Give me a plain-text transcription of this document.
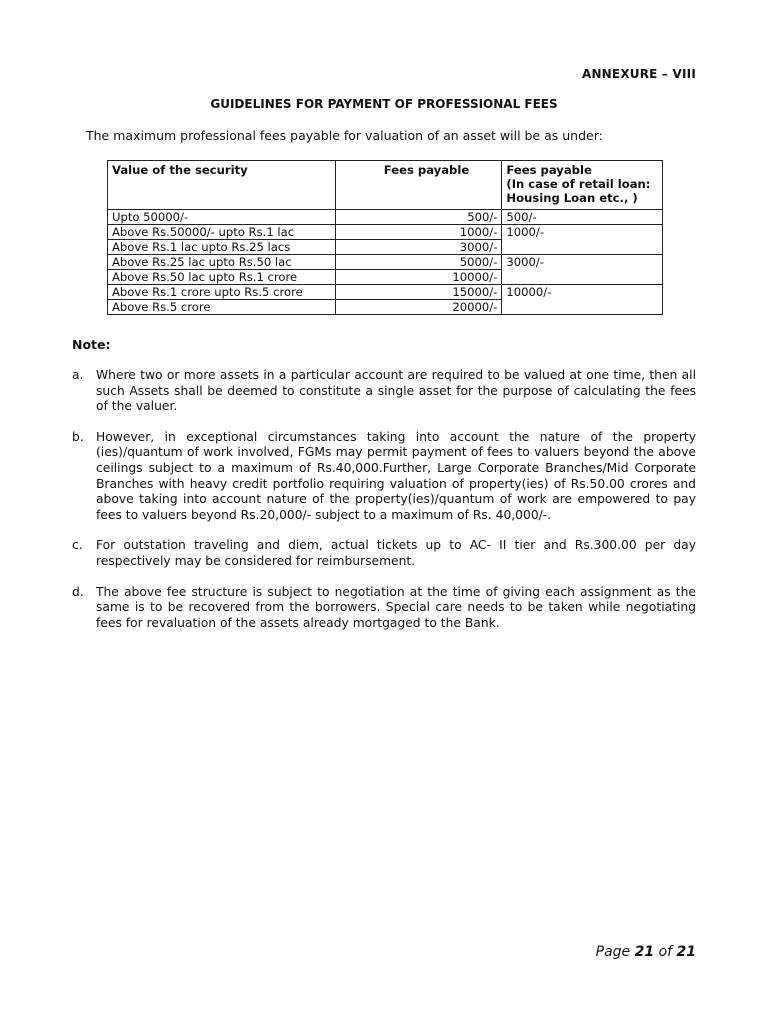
ANNEXURE – VIII
GUIDELINES FOR PAYMENT OF PROFESSIONAL FEES
The maximum professional fees payable for valuation of an asset will be as under:
Value of the security	Fees payable	Fees payable
(In case of retail loan:
Housing Loan etc., )

Upto 50000/-	500/-	500/-
Above Rs.50000/- upto Rs.1 lac	1000/-	1000/-
Above Rs.1 lac upto Rs.25 lacs	3000/-	
Above Rs.25 lac upto Rs.50 lac	5000/-	3000/-
Above Rs.50 lac upto Rs.1 crore	10000/-	
Above Rs.1 crore upto Rs.5 crore	15000/-	10000/-
Above Rs.5 crore	20000/-	
Note:
a. Where two or more assets in a particular account are required to be valued at one time, then all such Assets shall be deemed to constitute a single asset for the purpose of calculating the fees of the valuer.
b. However, in exceptional circumstances taking into account the nature of the property (ies)/quantum of work involved, FGMs may permit payment of fees to valuers beyond the above ceilings subject to a maximum of Rs.40,000.Further, Large Corporate Branches/Mid Corporate Branches with heavy credit portfolio requiring valuation of property(ies) of Rs.50.00 crores and above taking into account nature of the property(ies)/quantum of work are empowered to pay fees to valuers beyond Rs.20,000/- subject to a maximum of Rs. 40,000/-.
c. For outstation traveling and diem, actual tickets up to AC- II tier and Rs.300.00 per day respectively may be considered for reimbursement.
d. The above fee structure is subject to negotiation at the time of giving each assignment as the same is to be recovered from the borrowers. Special care needs to be taken while negotiating fees for revaluation of the assets already mortgaged to the Bank.
Page 21 of 21
